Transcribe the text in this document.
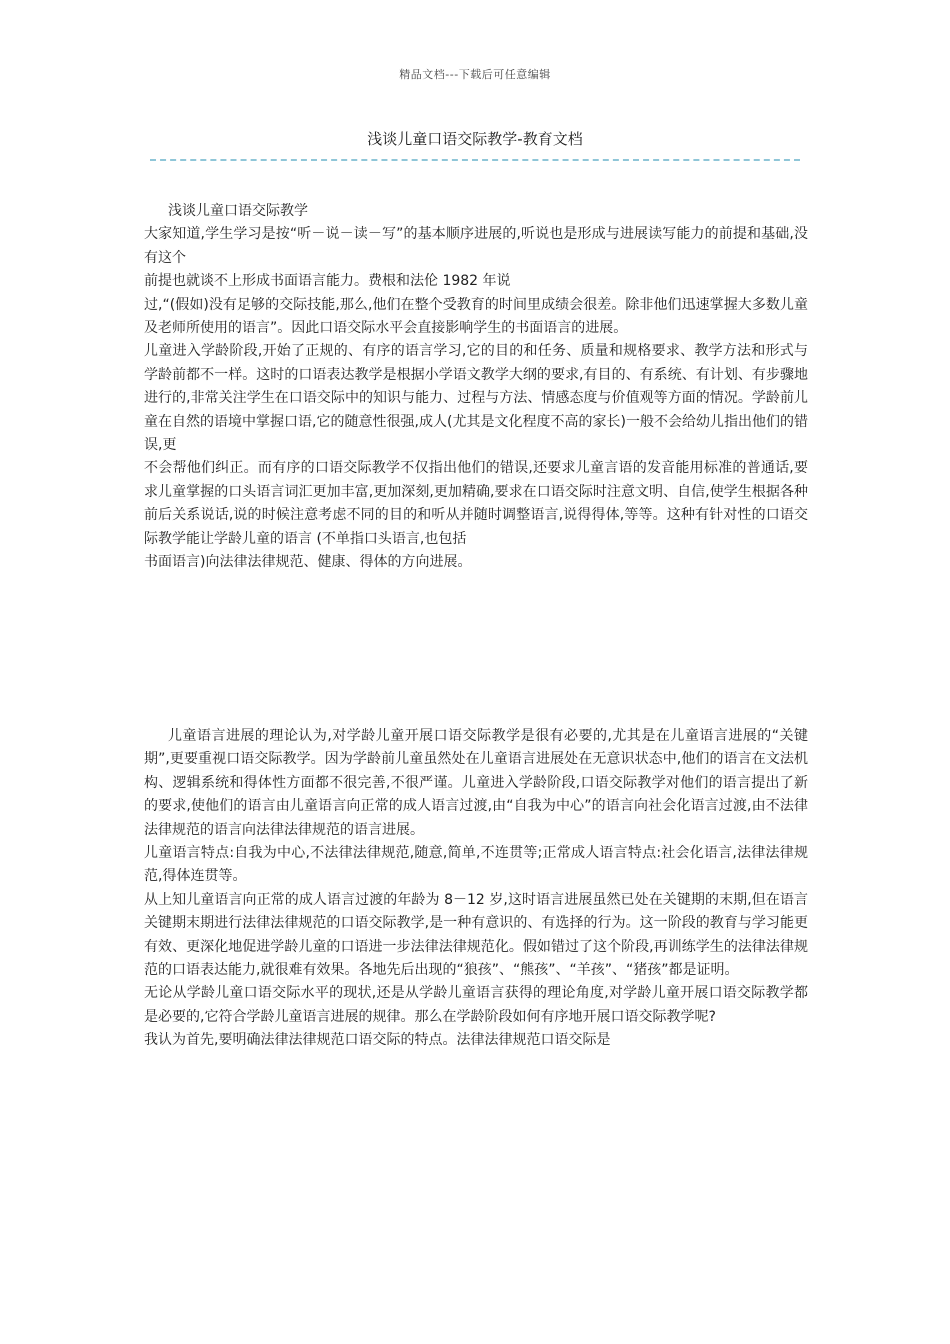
精品文档---下载后可任意编辑
浅谈儿童口语交际教学-教育文档

浅谈儿童口语交际教学

大家知道,学生学习是按“听－说－读－写”的基本顺序进展的,听说也是形成与进展读写能力的前提和基础,没有这个

前提也就谈不上形成书面语言能力。费根和法伦 1982 年说

过,“(假如)没有足够的交际技能,那么,他们在整个受教育的时间里成绩会很差。除非他们迅速掌握大多数儿童及老师所使用的语言”。因此口语交际水平会直接影响学生的书面语言的进展。

儿童进入学龄阶段,开始了正规的、有序的语言学习,它的目的和任务、质量和规格要求、教学方法和形式与学龄前都不一样。这时的口语表达教学是根据小学语文教学大纲的要求,有目的、有系统、有计划、有步骤地进行的,非常关注学生在口语交际中的知识与能力、过程与方法、情感态度与价值观等方面的情况。学龄前儿童在自然的语境中掌握口语,它的随意性很强,成人(尤其是文化程度不高的家长)一般不会给幼儿指出他们的错误,更

不会帮他们纠正。而有序的口语交际教学不仅指出他们的错误,还要求儿童言语的发音能用标准的普通话,要求儿童掌握的口头语言词汇更加丰富,更加深刻,更加精确,要求在口语交际时注意文明、自信,使学生根据各种前后关系说话,说的时候注意考虑不同的目的和听从并随时调整语言,说得得体,等等。这种有针对性的口语交际教学能让学龄儿童的语言 (不单指口头语言,也包括

书面语言)向法律法律规范、健康、得体的方向进展。

儿童语言进展的理论认为,对学龄儿童开展口语交际教学是很有必要的,尤其是在儿童语言进展的“关键期”,更要重视口语交际教学。因为学龄前儿童虽然处在儿童语言进展处在无意识状态中,他们的语言在文法机构、逻辑系统和得体性方面都不很完善,不很严谨。儿童进入学龄阶段,口语交际教学对他们的语言提出了新的要求,使他们的语言由儿童语言向正常的成人语言过渡,由“自我为中心”的语言向社会化语言过渡,由不法律法律规范的语言向法律法律规范的语言进展。

儿童语言特点:自我为中心,不法律法律规范,随意,简单,不连贯等;正常成人语言特点:社会化语言,法律法律规范,得体连贯等。

从上知儿童语言向正常的成人语言过渡的年龄为 8－12 岁,这时语言进展虽然已处在关键期的末期,但在语言关键期末期进行法律法律规范的口语交际教学,是一种有意识的、有选择的行为。这一阶段的教育与学习能更有效、更深化地促进学龄儿童的口语进一步法律法律规范化。假如错过了这个阶段,再训练学生的法律法律规范的口语表达能力,就很难有效果。各地先后出现的“狼孩”、“熊孩”、“羊孩”、“猪孩”都是证明。

无论从学龄儿童口语交际水平的现状,还是从学龄儿童语言获得的理论角度,对学龄儿童开展口语交际教学都是必要的,它符合学龄儿童语言进展的规律。那么在学龄阶段如何有序地开展口语交际教学呢?

我认为首先,要明确法律法律规范口语交际的特点。法律法律规范口语交际是
